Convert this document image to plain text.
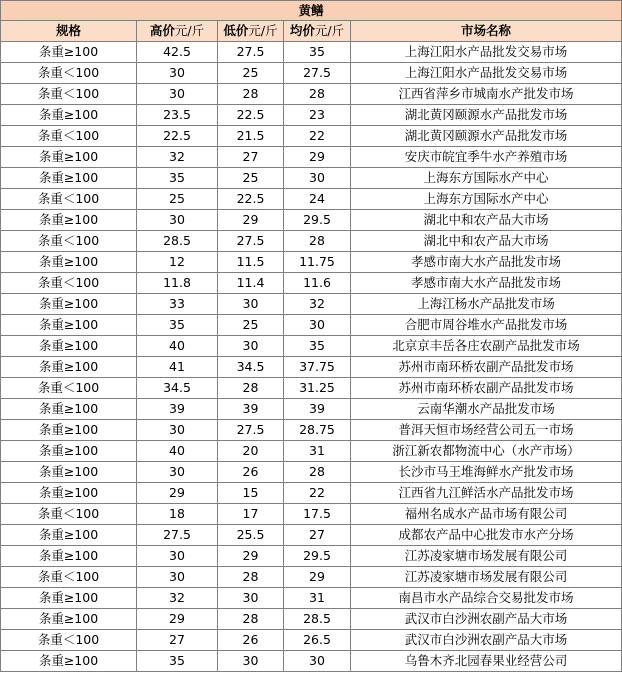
黄鳝				
规格	高价元/斤	低价元/斤	均价元/斤	市场名称
条重≥100	42.5	27.5	35	上海江阳水产品批发交易市场
条重＜100	30	25	27.5	上海江阳水产品批发交易市场
条重＜100	30	28	28	江西省萍乡市城南水产批发市场
条重≥100	23.5	22.5	23	湖北黄冈颐源水产品批发市场
条重＜100	22.5	21.5	22	湖北黄冈颐源水产品批发市场
条重≥100	32	27	29	安庆市皖宜季牛水产养殖市场
条重≥100	35	25	30	上海东方国际水产中心
条重＜100	25	22.5	24	上海东方国际水产中心
条重≥100	30	29	29.5	湖北中和农产品大市场
条重＜100	28.5	27.5	28	湖北中和农产品大市场
条重≥100	12	11.5	11.75	孝感市南大水产品批发市场
条重＜100	11.8	11.4	11.6	孝感市南大水产品批发市场
条重≥100	33	30	32	上海江杨水产品批发市场
条重≥100	35	25	30	合肥市周谷堆水产品批发市场
条重≥100	40	30	35	北京京丰岳各庄农副产品批发市场
条重≥100	41	34.5	37.75	苏州市南环桥农副产品批发市场
条重＜100	34.5	28	31.25	苏州市南环桥农副产品批发市场
条重≥100	39	39	39	云南华潮水产品批发市场
条重≥100	30	27.5	28.75	普洱天恒市场经营公司五一市场
条重≥100	40	20	31	浙江新农都物流中心（水产市场）
条重≥100	30	26	28	长沙市马王堆海鲜水产批发市场
条重≥100	29	15	22	江西省九江鲜活水产品批发市场
条重＜100	18	17	17.5	福州名成水产品市场有限公司
条重≥100	27.5	25.5	27	成都农产品中心批发市水产分场
条重≥100	30	29	29.5	江苏凌家塘市场发展有限公司
条重＜100	30	28	29	江苏凌家塘市场发展有限公司
条重≥100	32	30	31	南昌市水产品综合交易批发市场
条重≥100	29	28	28.5	武汉市白沙洲农副产品大市场
条重＜100	27	26	26.5	武汉市白沙洲农副产品大市场
条重≥100	35	30	30	乌鲁木齐北园春果业经营公司
